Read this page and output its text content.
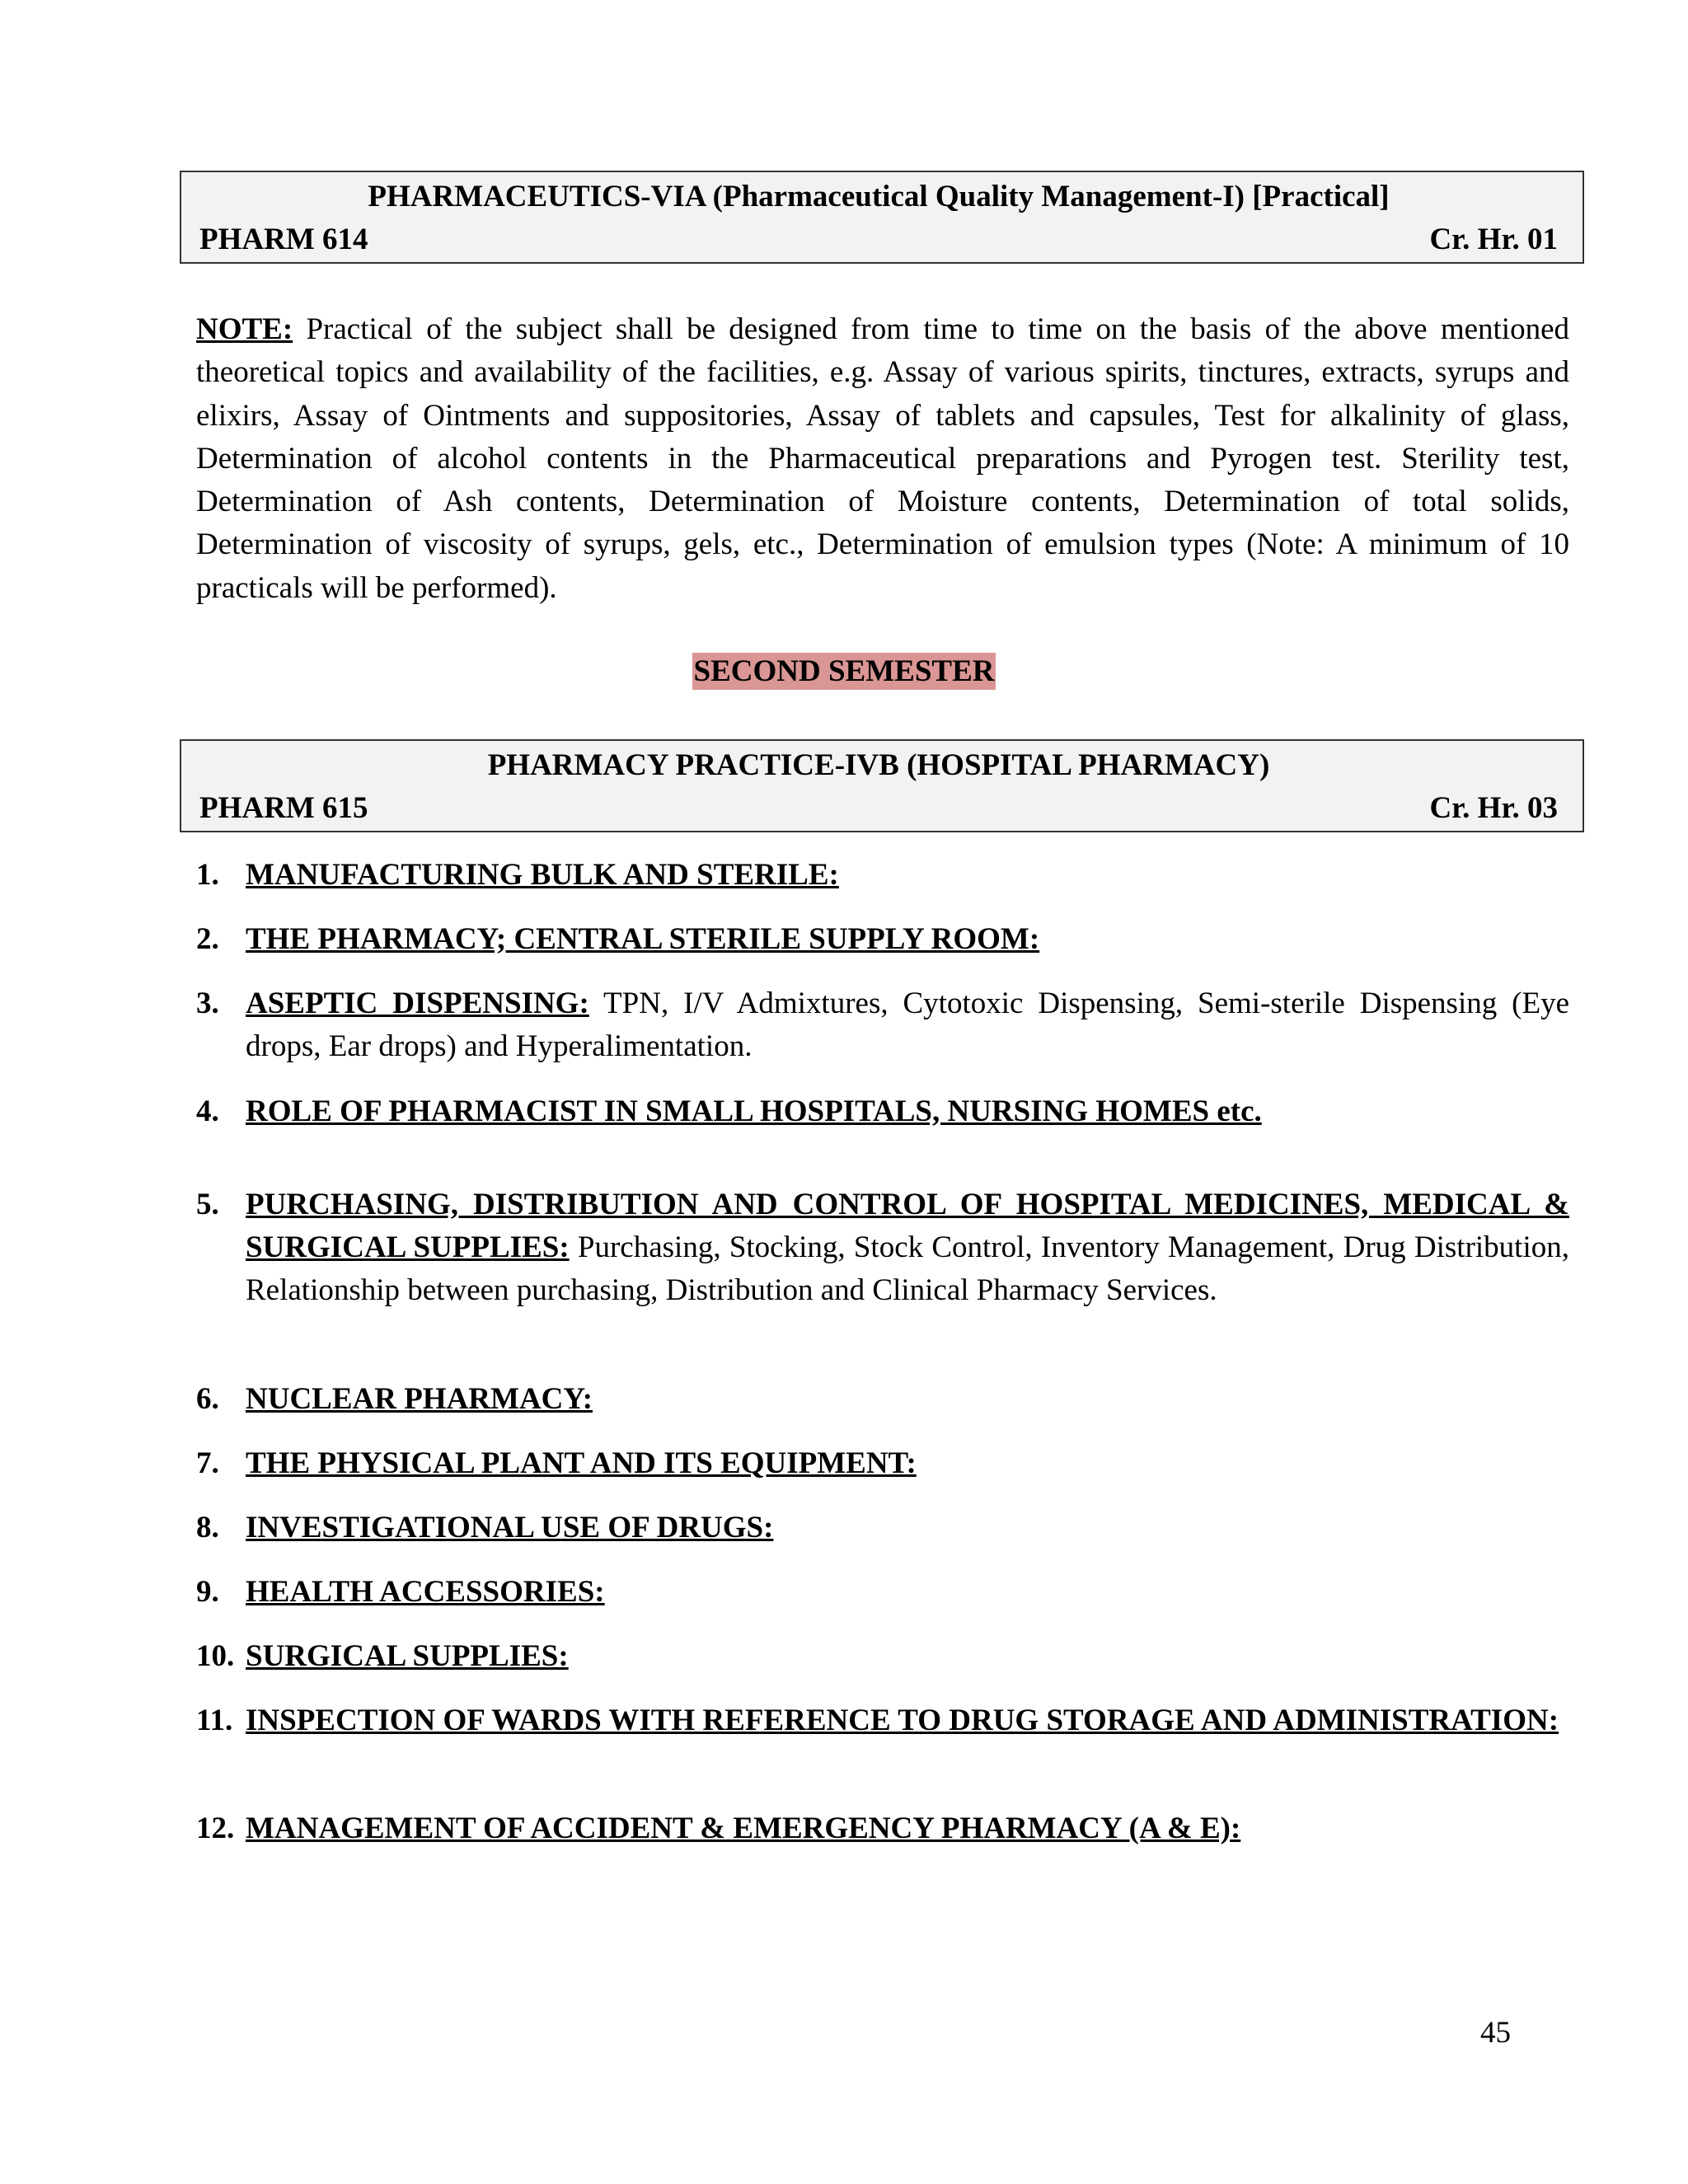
PHARMACEUTICS-VIA (Pharmaceutical Quality Management-I) [Practical]
PHARM 614	Cr. Hr. 01
NOTE: Practical of the subject shall be designed from time to time on the basis of the above mentioned theoretical topics and availability of the facilities, e.g. Assay of various spirits, tinctures, extracts, syrups and elixirs, Assay of Ointments and suppositories, Assay of tablets and capsules, Test for alkalinity of glass, Determination of alcohol contents in the Pharmaceutical preparations and Pyrogen test. Sterility test, Determination of Ash contents, Determination of Moisture contents, Determination of total solids, Determination of viscosity of syrups, gels, etc., Determination of emulsion types (Note: A minimum of 10 practicals will be performed).
SECOND SEMESTER
PHARMACY PRACTICE-IVB (HOSPITAL PHARMACY)
PHARM 615	Cr. Hr. 03
1. MANUFACTURING BULK AND STERILE:
2. THE PHARMACY; CENTRAL STERILE SUPPLY ROOM:
3. ASEPTIC DISPENSING: TPN, I/V Admixtures, Cytotoxic Dispensing, Semi-sterile Dispensing (Eye drops, Ear drops) and Hyperalimentation.
4. ROLE OF PHARMACIST IN SMALL HOSPITALS, NURSING HOMES etc.
5. PURCHASING, DISTRIBUTION AND CONTROL OF HOSPITAL MEDICINES, MEDICAL & SURGICAL SUPPLIES: Purchasing, Stocking, Stock Control, Inventory Management, Drug Distribution, Relationship between purchasing, Distribution and Clinical Pharmacy Services.
6. NUCLEAR PHARMACY:
7. THE PHYSICAL PLANT AND ITS EQUIPMENT:
8. INVESTIGATIONAL USE OF DRUGS:
9. HEALTH ACCESSORIES:
10. SURGICAL SUPPLIES:
11. INSPECTION OF WARDS WITH REFERENCE TO DRUG STORAGE AND ADMINISTRATION:
12. MANAGEMENT OF ACCIDENT & EMERGENCY PHARMACY (A & E):
45
